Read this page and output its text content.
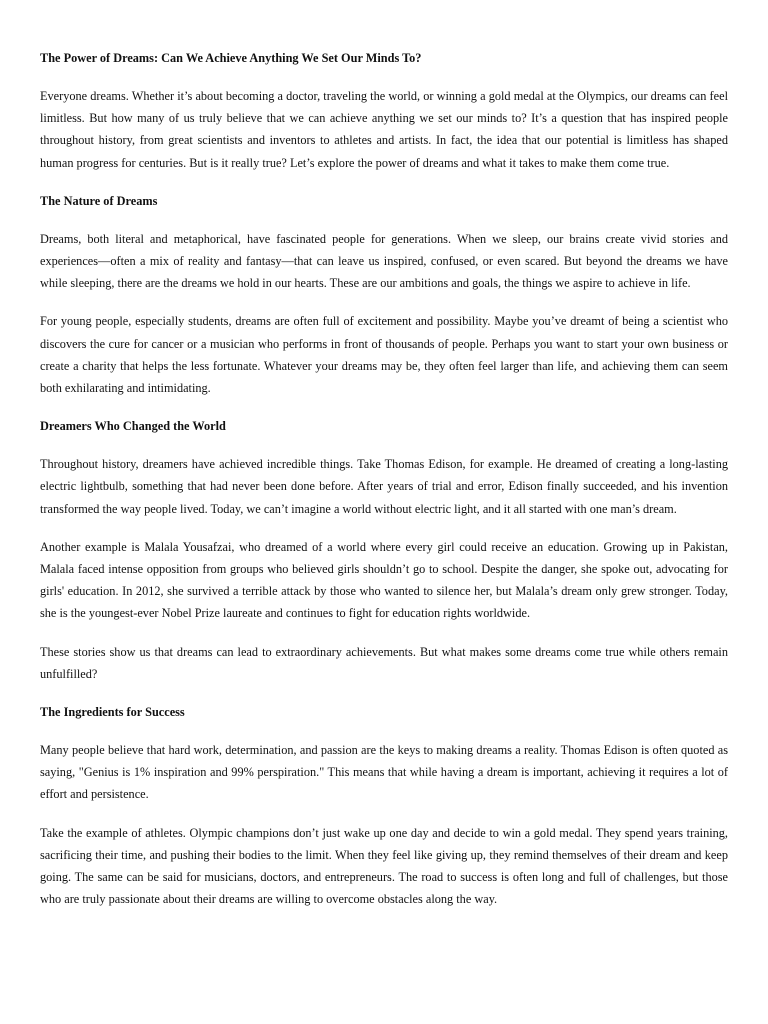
The Power of Dreams: Can We Achieve Anything We Set Our Minds To?

Everyone dreams. Whether it’s about becoming a doctor, traveling the world, or winning a gold medal at the Olympics, our dreams can feel limitless. But how many of us truly believe that we can achieve anything we set our minds to? It’s a question that has inspired people throughout history, from great scientists and inventors to athletes and artists. In fact, the idea that our potential is limitless has shaped human progress for centuries. But is it really true? Let’s explore the power of dreams and what it takes to make them come true.

The Nature of Dreams

Dreams, both literal and metaphorical, have fascinated people for generations. When we sleep, our brains create vivid stories and experiences—often a mix of reality and fantasy—that can leave us inspired, confused, or even scared. But beyond the dreams we have while sleeping, there are the dreams we hold in our hearts. These are our ambitions and goals, the things we aspire to achieve in life.

For young people, especially students, dreams are often full of excitement and possibility. Maybe you’ve dreamt of being a scientist who discovers the cure for cancer or a musician who performs in front of thousands of people. Perhaps you want to start your own business or create a charity that helps the less fortunate. Whatever your dreams may be, they often feel larger than life, and achieving them can seem both exhilarating and intimidating.

Dreamers Who Changed the World

Throughout history, dreamers have achieved incredible things. Take Thomas Edison, for example. He dreamed of creating a long-lasting electric lightbulb, something that had never been done before. After years of trial and error, Edison finally succeeded, and his invention transformed the way people lived. Today, we can’t imagine a world without electric light, and it all started with one man’s dream.

Another example is Malala Yousafzai, who dreamed of a world where every girl could receive an education. Growing up in Pakistan, Malala faced intense opposition from groups who believed girls shouldn’t go to school. Despite the danger, she spoke out, advocating for girls' education. In 2012, she survived a terrible attack by those who wanted to silence her, but Malala’s dream only grew stronger. Today, she is the youngest-ever Nobel Prize laureate and continues to fight for education rights worldwide.

These stories show us that dreams can lead to extraordinary achievements. But what makes some dreams come true while others remain unfulfilled?

The Ingredients for Success

Many people believe that hard work, determination, and passion are the keys to making dreams a reality. Thomas Edison is often quoted as saying, "Genius is 1% inspiration and 99% perspiration." This means that while having a dream is important, achieving it requires a lot of effort and persistence.

Take the example of athletes. Olympic champions don’t just wake up one day and decide to win a gold medal. They spend years training, sacrificing their time, and pushing their bodies to the limit. When they feel like giving up, they remind themselves of their dream and keep going. The same can be said for musicians, doctors, and entrepreneurs. The road to success is often long and full of challenges, but those who are truly passionate about their dreams are willing to overcome obstacles along the way.
